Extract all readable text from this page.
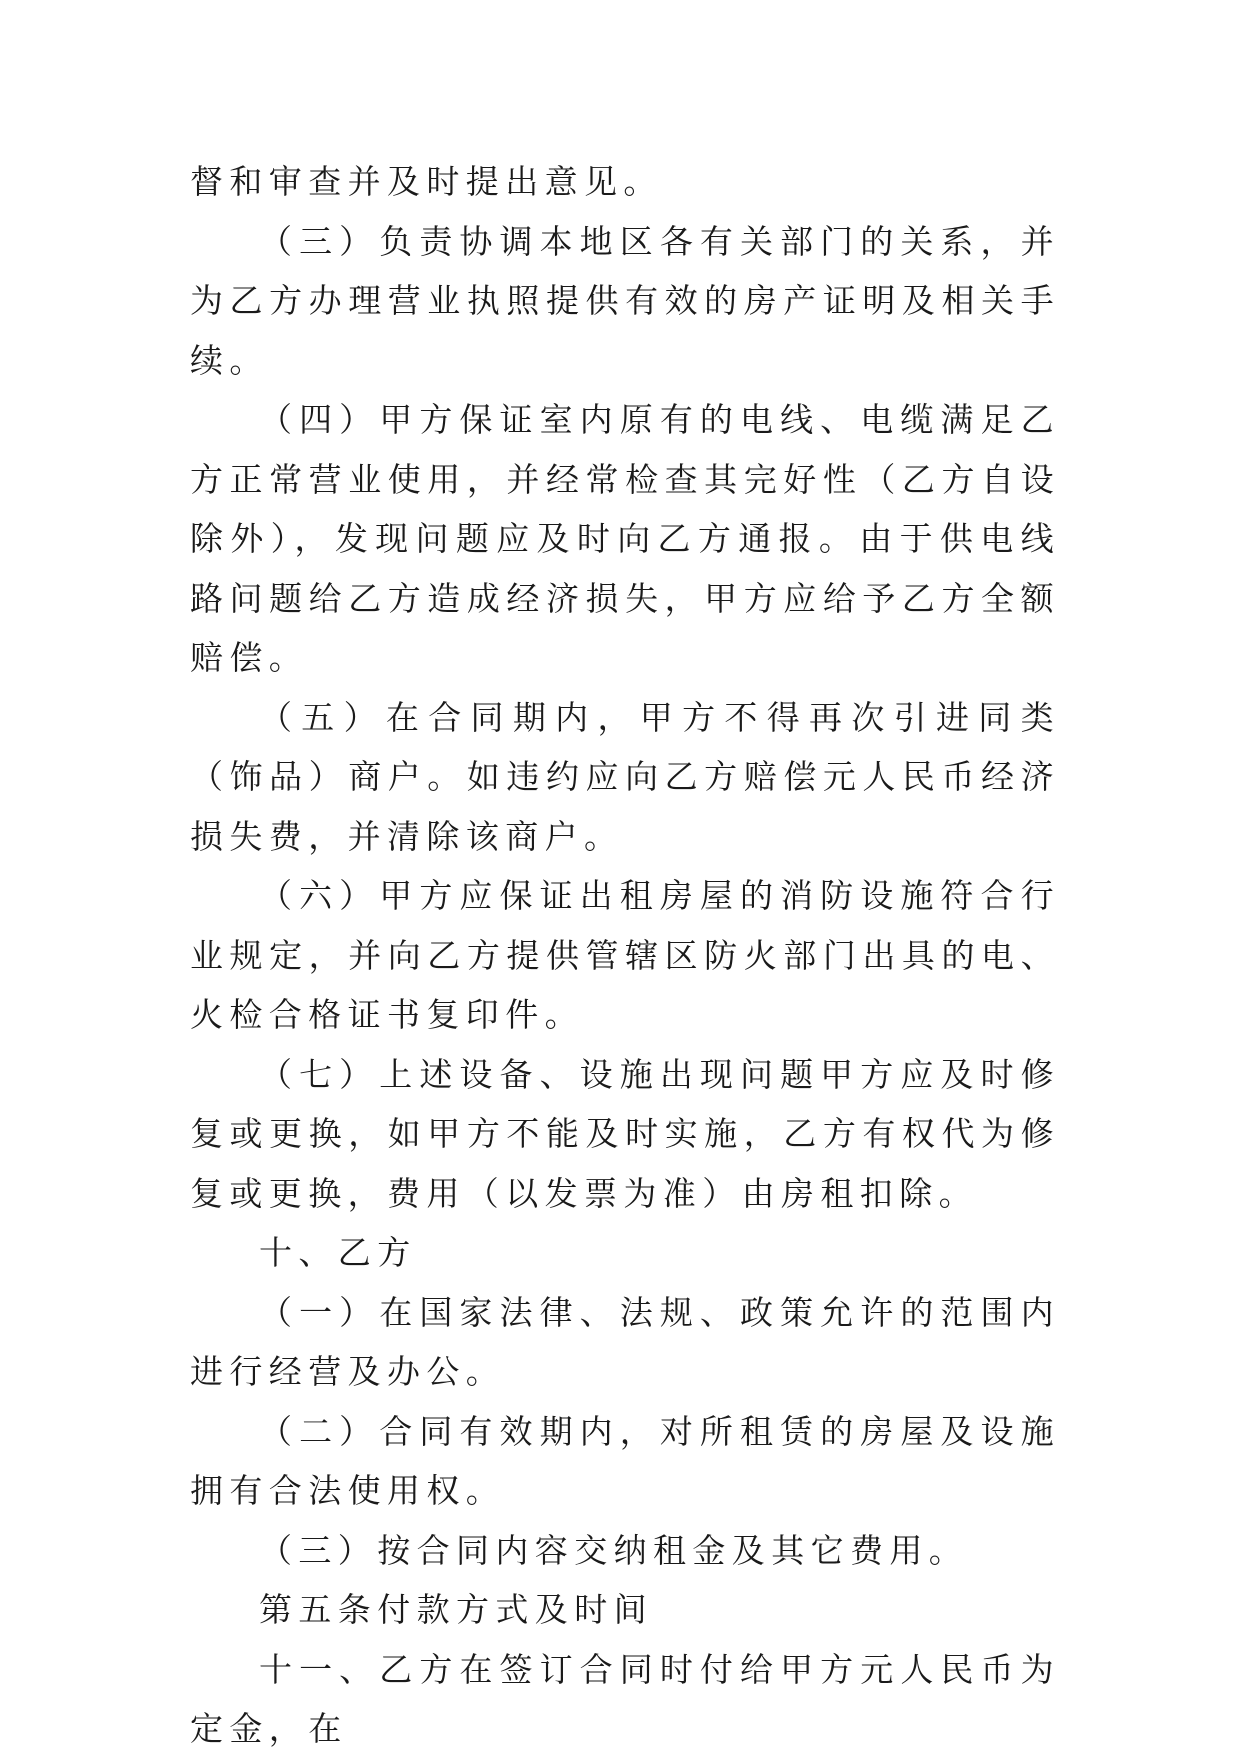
督和审查并及时提出意见。

（三）负责协调本地区各有关部门的关系，并为乙方办理营业执照提供有效的房产证明及相关手续。

（四）甲方保证室内原有的电线、电缆满足乙方正常营业使用，并经常检查其完好性（乙方自设除外），发现问题应及时向乙方通报。由于供电线路问题给乙方造成经济损失，甲方应给予乙方全额赔偿。

（五）在合同期内，甲方不得再次引进同类（饰品）商户。如违约应向乙方赔偿元人民币经济损失费，并清除该商户。

（六）甲方应保证出租房屋的消防设施符合行业规定，并向乙方提供管辖区防火部门出具的电、火检合格证书复印件。

（七）上述设备、设施出现问题甲方应及时修复或更换，如甲方不能及时实施，乙方有权代为修复或更换，费用（以发票为准）由房租扣除。

十、乙方

（一）在国家法律、法规、政策允许的范围内进行经营及办公。

（二）合同有效期内，对所租赁的房屋及设施拥有合法使用权。

（三）按合同内容交纳租金及其它费用。

第五条付款方式及时间

十一、乙方在签订合同时付给甲方元人民币为定金，在
